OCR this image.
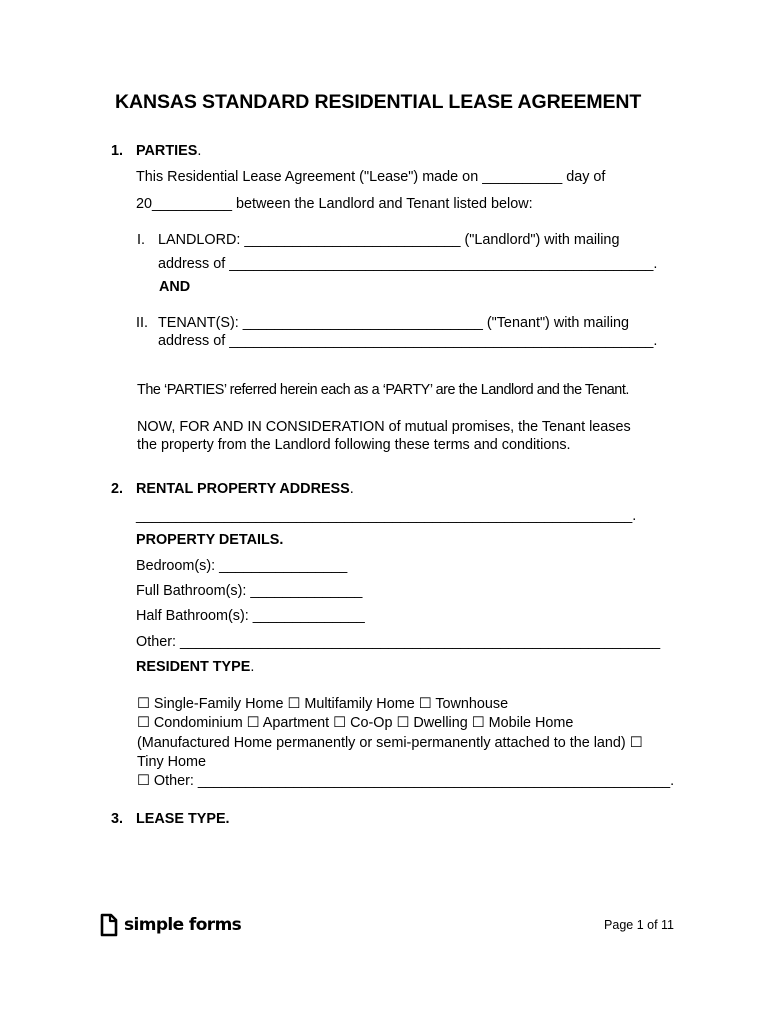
KANSAS STANDARD RESIDENTIAL LEASE AGREEMENT
1. PARTIES.
This Residential Lease Agreement ("Lease") made on __________ day of
20__________ between the Landlord and Tenant listed below:
I. LANDLORD: ___________________________ ("Landlord") with mailing
address of _____________________________________________________.
AND
II. TENANT(S): ______________________________ ("Tenant") with mailing
address of _____________________________________________________.
The ‘PARTIES’ referred herein each as a ‘PARTY’ are the Landlord and the Tenant.
NOW, FOR AND IN CONSIDERATION of mutual promises, the Tenant leases
the property from the Landlord following these terms and conditions.
2. RENTAL PROPERTY ADDRESS.
______________________________________________________________.
PROPERTY DETAILS.
Bedroom(s): ________________
Full Bathroom(s): ______________
Half Bathroom(s): ______________
Other: ____________________________________________________________
RESIDENT TYPE.
☐ Single-Family Home ☐ Multifamily Home ☐ Townhouse
☐ Condominium ☐ Apartment ☐ Co-Op ☐ Dwelling ☐ Mobile Home
(Manufactured Home permanently or semi-permanently attached to the land) ☐
Tiny Home
☐ Other: ___________________________________________________________.
3. LEASE TYPE.
simple forms	Page 1 of 11
